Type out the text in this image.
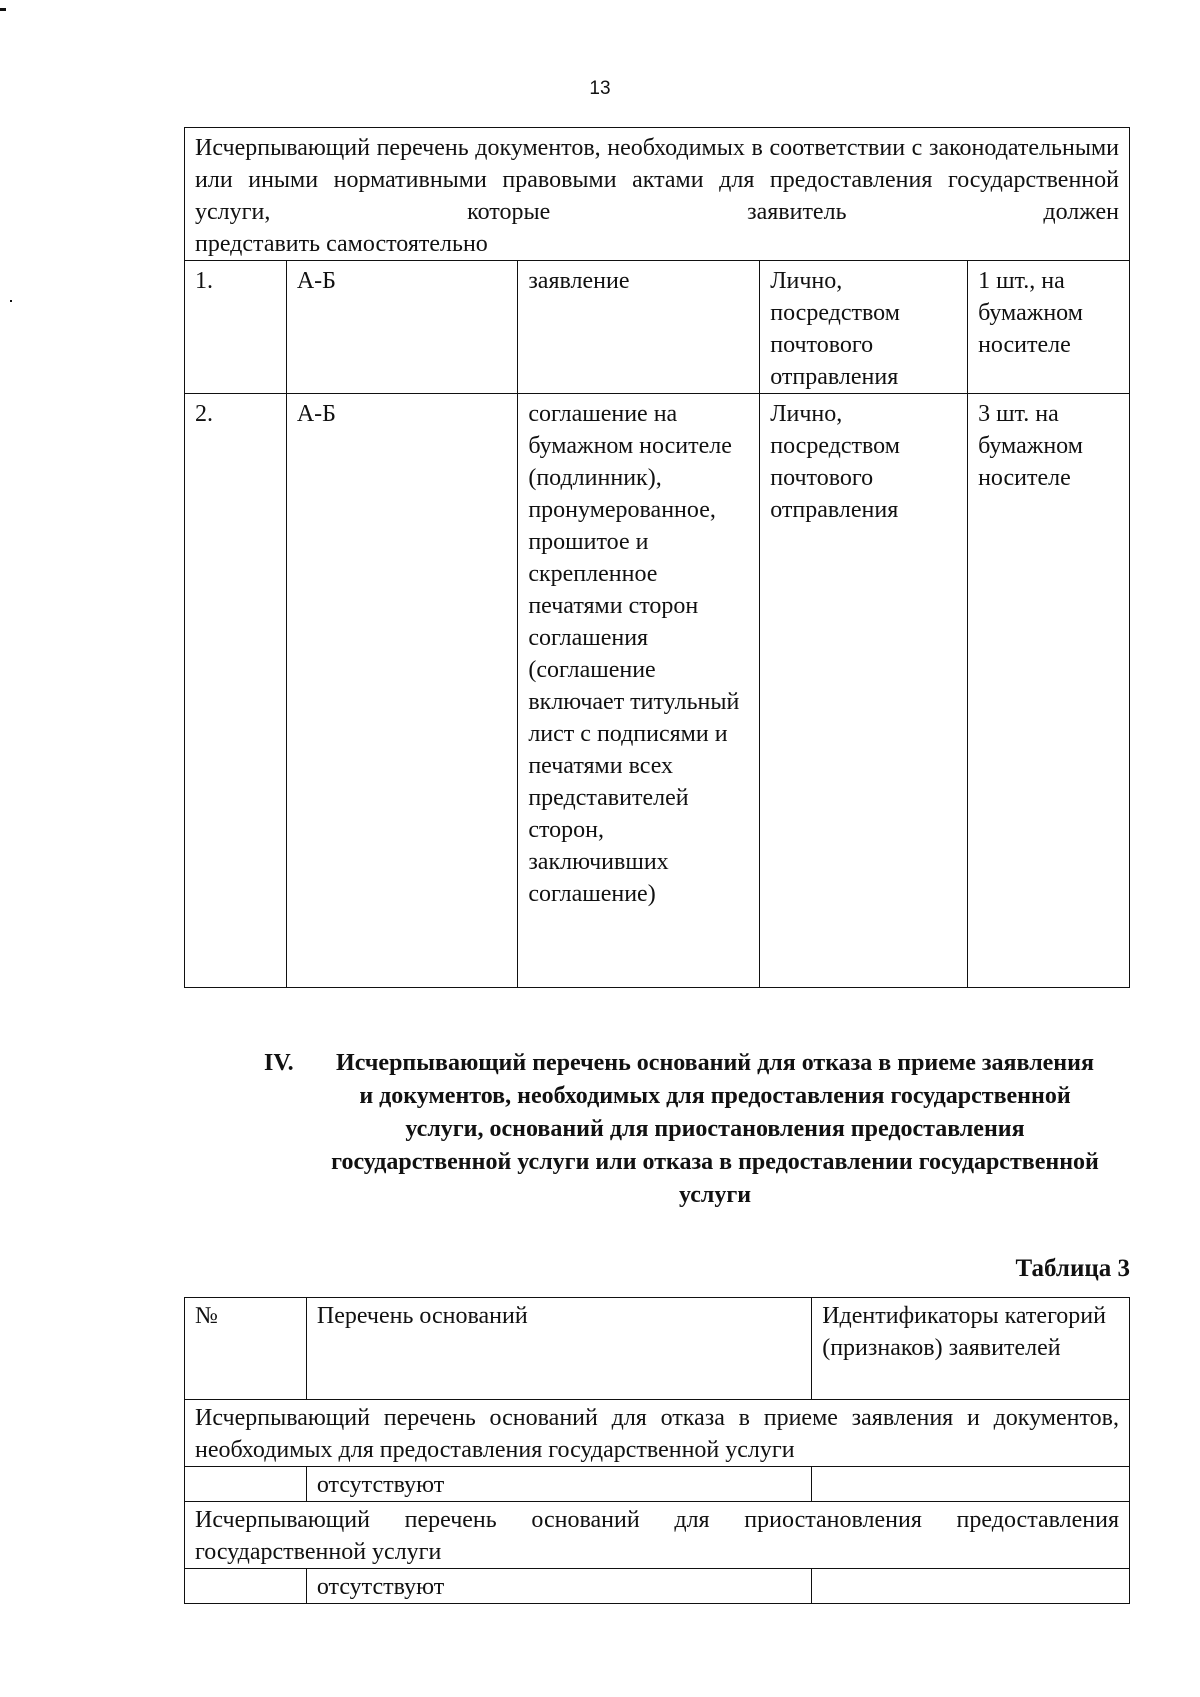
13
Исчерпывающий перечень документов, необходимых в соответствии с законодательными или иными нормативными правовыми актами для предоставления государственной услуги, которые заявитель должен
представить самостоятельно				

1.	А-Б	заявление	Лично, посредством почтового отправления	1 шт., на бумажном носителе
2.	А-Б	соглашение на бумажном носителе (подлинник), пронумерованное, прошитое и скрепленное печатями сторон соглашения (соглашение включает титульный лист с подписями и печатями всех представителей сторон, заключивших соглашение)	Лично, посредством почтового отправления	3 шт. на бумажном носителе
IV.	Исчерпывающий перечень оснований для отказа в приеме заявления и документов, необходимых для предоставления государственной услуги, оснований для приостановления предоставления государственной услуги или отказа в предоставлении государственной услуги
Таблица 3
№	Перечень оснований	Идентификаторы категорий (признаков) заявителей
Исчерпывающий перечень оснований для отказа в приеме заявления и документов, необходимых для предоставления государственной услуги		
	отсутствуют	
Исчерпывающий перечень оснований для приостановления предоставления государственной услуги		
	отсутствуют	
